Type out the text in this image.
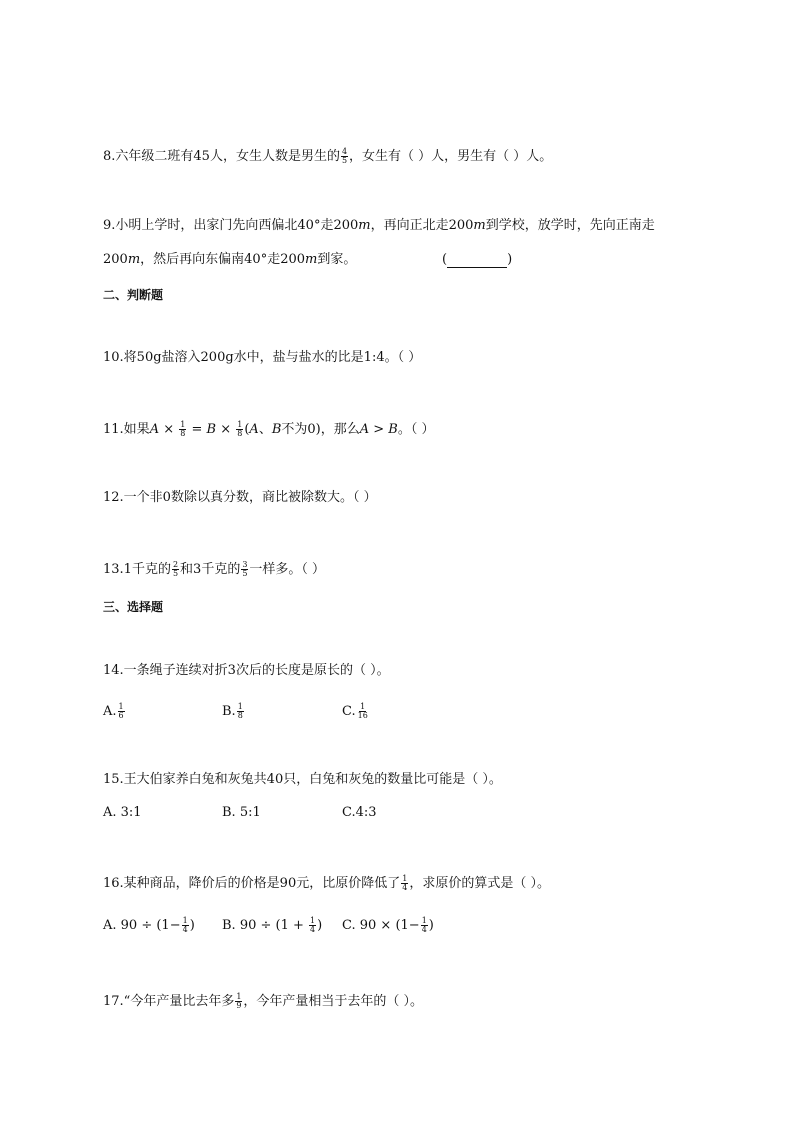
8.六年级二班有45人，女生人数是男生的 $\frac{4}{5}$ ，女生有（ ）人，男生有（ ）人。
9.小明上学时，出家门先向西偏北40°走200m，再向正北走200m到学校，放学时，先向正南走
200m，然后再向东偏南40°走200m到家。	(	)
二、判断题
10.将50g盐溶入200g水中，盐与盐水的比是1:4。（ ）
11.如果$A \times \frac{1}{8} = B \times \frac{1}{8} (A$、B不为0)，那么A > B。（ ）
12.一个非0数除以真分数，商比被除数大。（ ）
13.1千克的 $\frac{2}{5}$ 和3千克的 $\frac{3}{5}$ 一样多。（ ）
三、选择题
14.一条绳子连续对折3次后的长度是原长的（ ）。
A. $\frac{1}{6}$	B. $\frac{1}{8}$	C. $\frac{1}{16}$
15.王大伯家养白兔和灰兔共40只，白兔和灰兔的数量比可能是（ ）。
A. 3:1	B. 5:1	C.4:3
16.某种商品，降价后的价格是90元，比原价降低了 $\frac{1}{4}$ ，求原价的算式是（ ）。
A. $90 \div (1- \frac{1}{4}$ ) B. $90 \div (1 + \frac{1}{4}$ ) C. $90 \times (1- \frac{1}{4}$ )
17.“今年产量比去年多 $\frac{1}{9}$ ，今年产量相当于去年的（ ）。
